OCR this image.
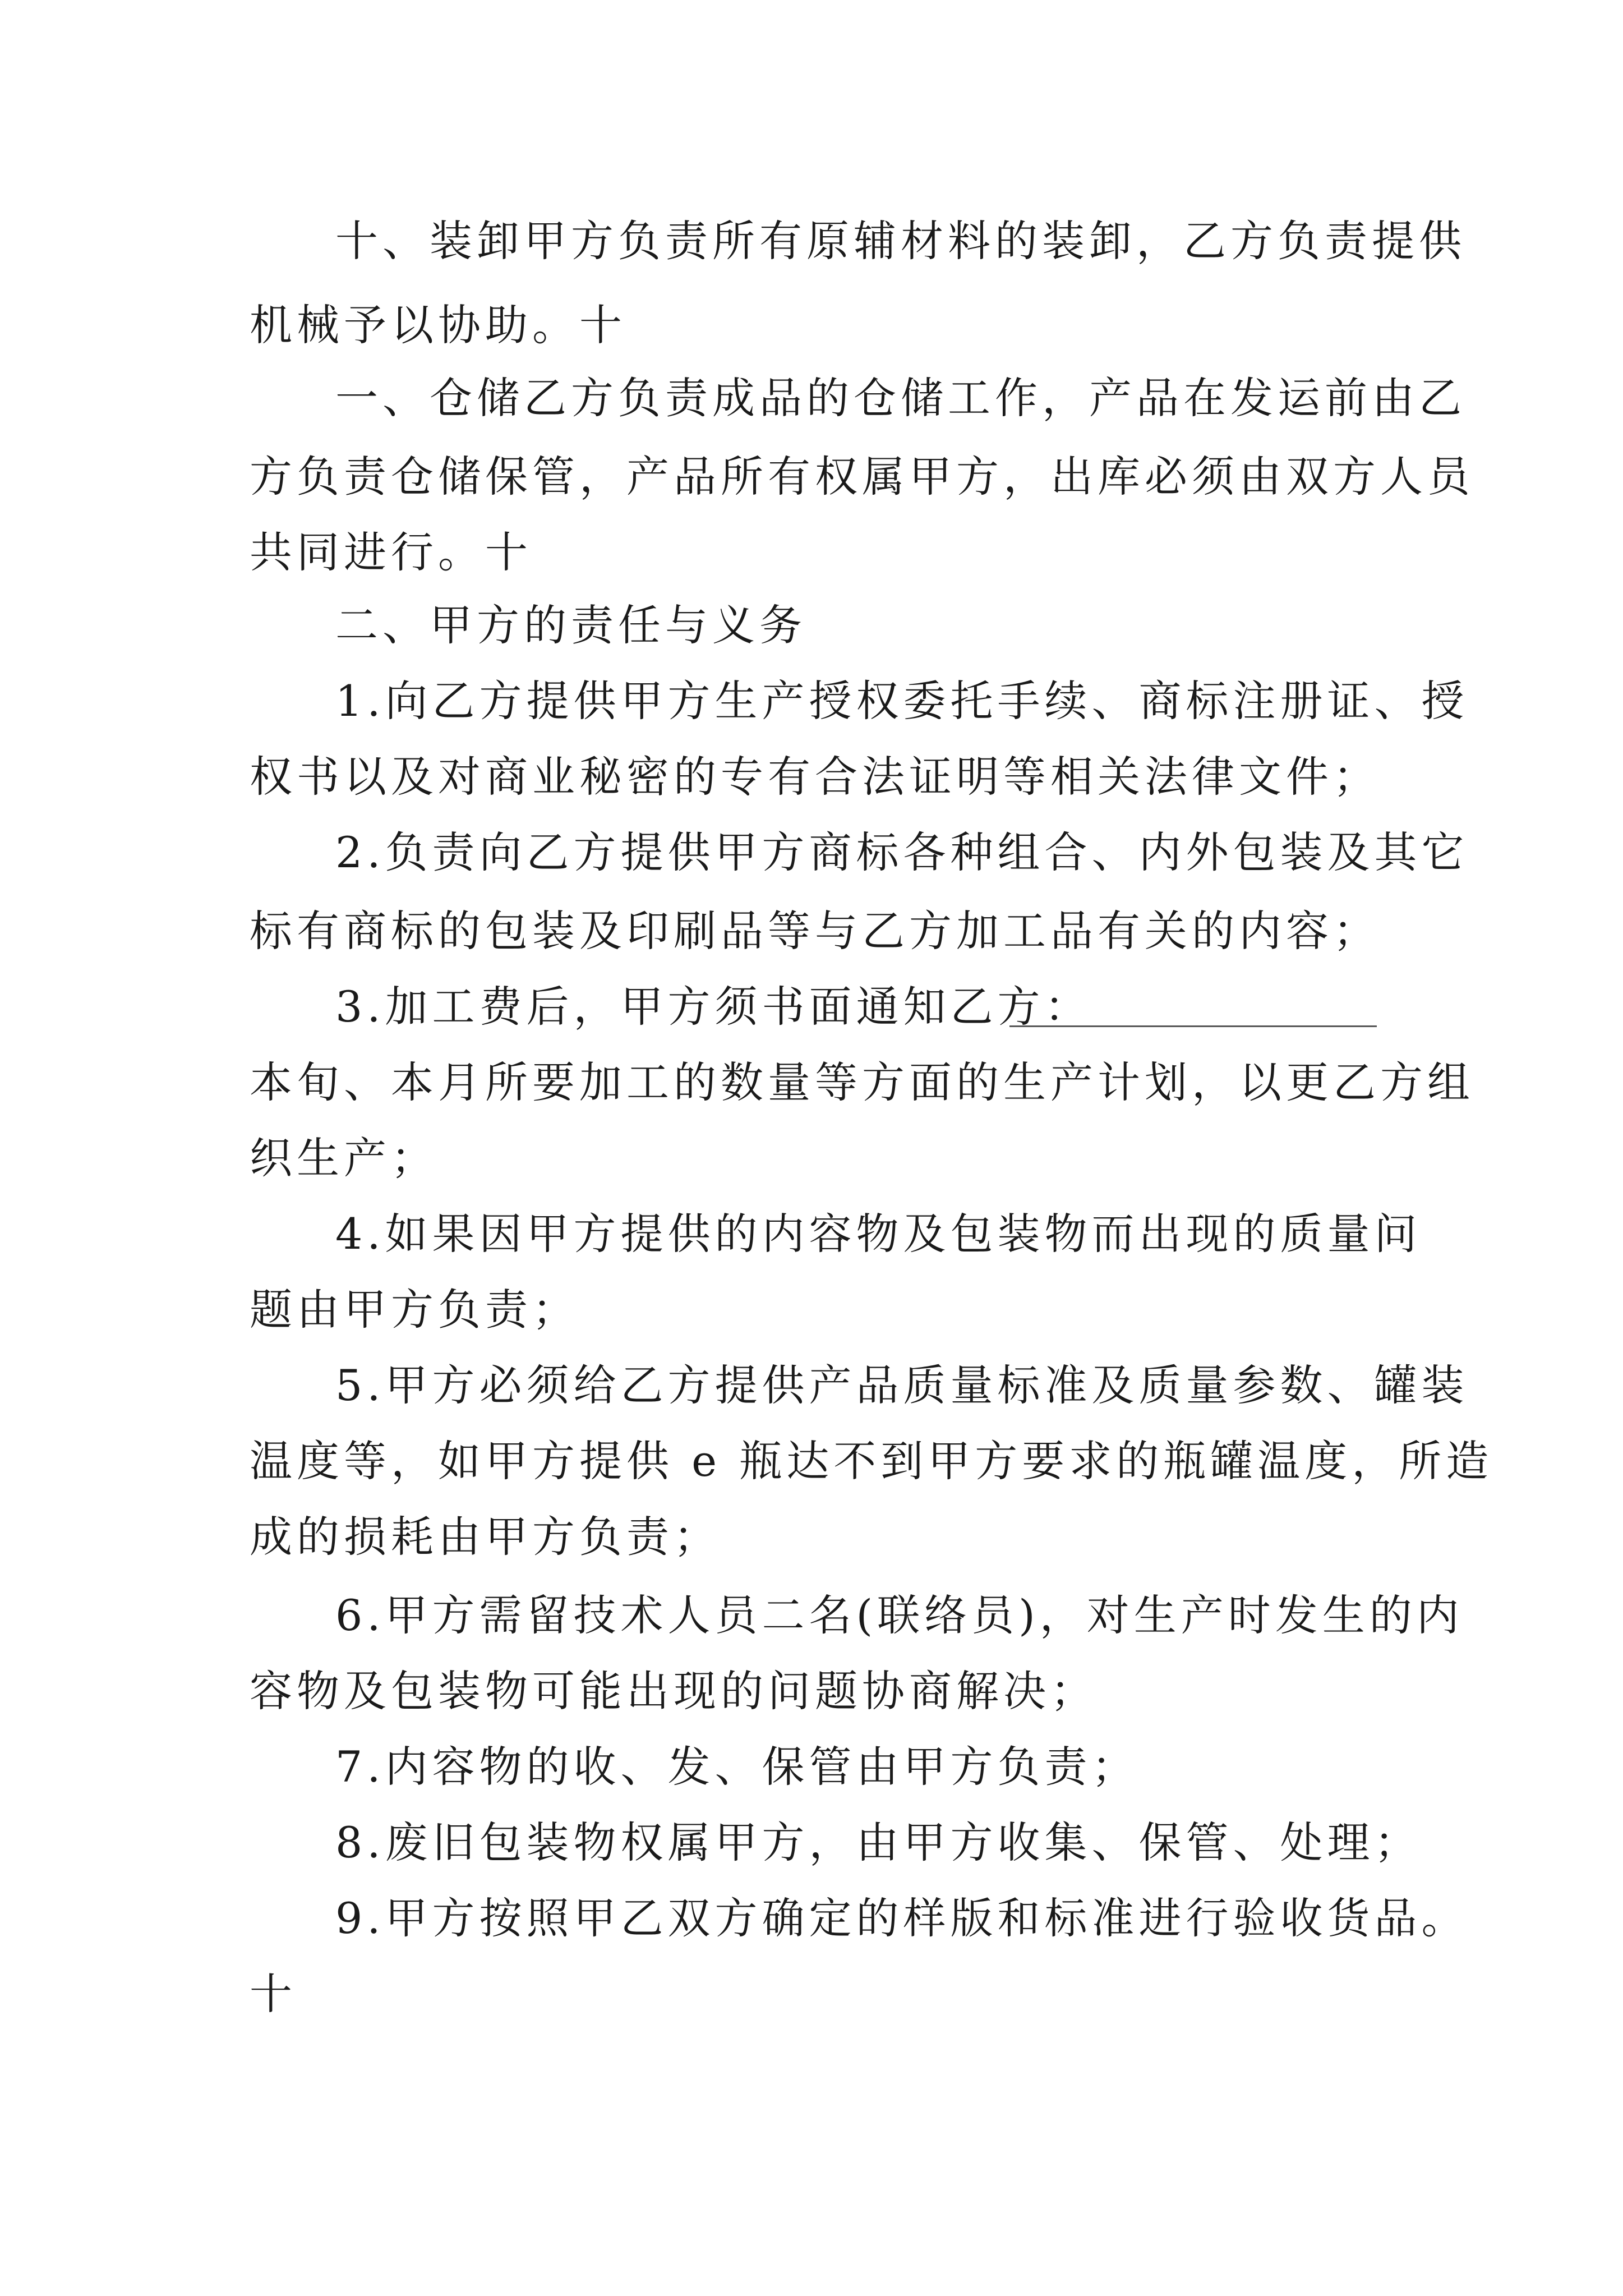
十、装卸甲方负责所有原辅材料的装卸，乙方负责提供
机械予以协助。十
一、仓储乙方负责成品的仓储工作，产品在发运前由乙
方负责仓储保管，产品所有权属甲方，出库必须由双方人员
共同进行。十
二、甲方的责任与义务
1.向乙方提供甲方生产授权委托手续、商标注册证、授
权书以及对商业秘密的专有合法证明等相关法律文件；
2.负责向乙方提供甲方商标各种组合、内外包装及其它
标有商标的包装及印刷品等与乙方加工品有关的内容；
3.加工费后，甲方须书面通知乙方：
本旬、本月所要加工的数量等方面的生产计划，以更乙方组
织生产；
4.如果因甲方提供的内容物及包装物而出现的质量问
题由甲方负责；
5.甲方必须给乙方提供产品质量标准及质量参数、罐装
温度等，如甲方提供 e 瓶达不到甲方要求的瓶罐温度，所造
成的损耗由甲方负责；
6.甲方需留技术人员二名(联络员)，对生产时发生的内
容物及包装物可能出现的问题协商解决；
7.内容物的收、发、保管由甲方负责；
8.废旧包装物权属甲方，由甲方收集、保管、处理；
9.甲方按照甲乙双方确定的样版和标准进行验收货品。
十
